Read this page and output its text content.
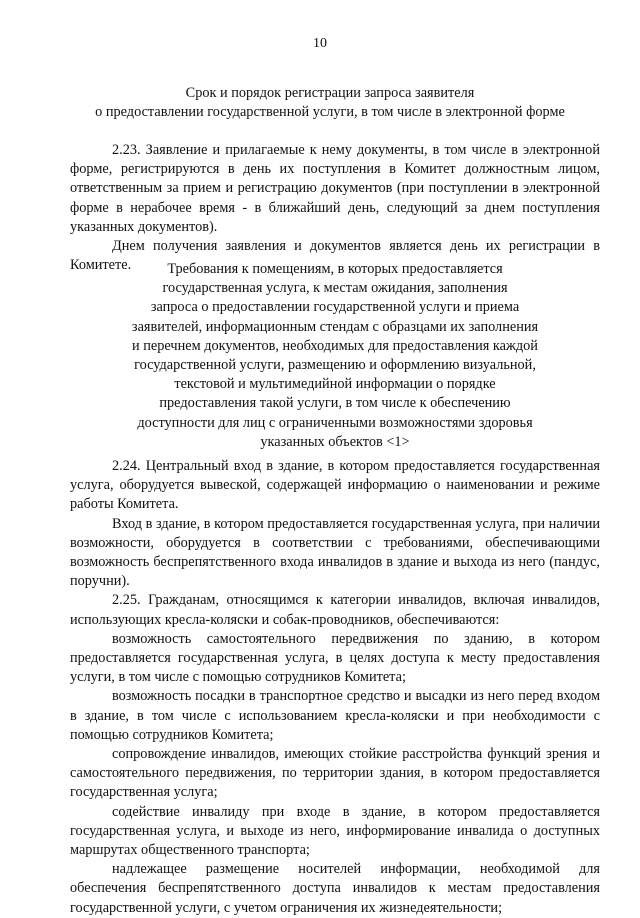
10
Срок и порядок регистрации запроса заявителя
о предоставлении государственной услуги, в том числе в электронной форме

2.23. Заявление и прилагаемые к нему документы, в том числе в электронной форме, регистрируются в день их поступления в Комитет должностным лицом, ответственным за прием и регистрацию документов (при поступлении в электронной форме в нерабочее время - в ближайший день, следующий за днем поступления указанных документов).

Днем получения заявления и документов является день их регистрации в Комитете.	Требования к помещениям, в которых предоставляется
государственная услуга, к местам ожидания, заполнения
запроса о предоставлении государственной услуги и приема
заявителей, информационным стендам с образцами их заполнения
и перечнем документов, необходимых для предоставления каждой
государственной услуги, размещению и оформлению визуальной,
текстовой и мультимедийной информации о порядке
предоставления такой услуги, в том числе к обеспечению
доступности для лиц с ограниченными возможностями здоровья
указанных объектов <1>

2.24. Центральный вход в здание, в котором предоставляется государственная услуга, оборудуется вывеской, содержащей информацию о наименовании и режиме работы Комитета.

Вход в здание, в котором предоставляется государственная услуга, при наличии возможности, оборудуется в соответствии с требованиями, обеспечивающими возможность беспрепятственного входа инвалидов в здание и выхода из него (пандус, поручни).

2.25. Гражданам, относящимся к категории инвалидов, включая инвалидов, использующих кресла-коляски и собак-проводников, обеспечиваются:

возможность самостоятельного передвижения по зданию, в котором предоставляется государственная услуга, в целях доступа к месту предоставления услуги, в том числе с помощью сотрудников Комитета;

возможность посадки в транспортное средство и высадки из него перед входом в здание, в том числе с использованием кресла-коляски и при необходимости с помощью сотрудников Комитета;

сопровождение инвалидов, имеющих стойкие расстройства функций зрения и самостоятельного передвижения, по территории здания, в котором предоставляется государственная услуга;

содействие инвалиду при входе в здание, в котором предоставляется государственная услуга, и выходе из него, информирование инвалида о доступных маршрутах общественного транспорта;

надлежащее размещение носителей информации, необходимой для обеспечения беспрепятственного доступа инвалидов к местам предоставления государственной услуги, с учетом ограничения их жизнедеятельности;
